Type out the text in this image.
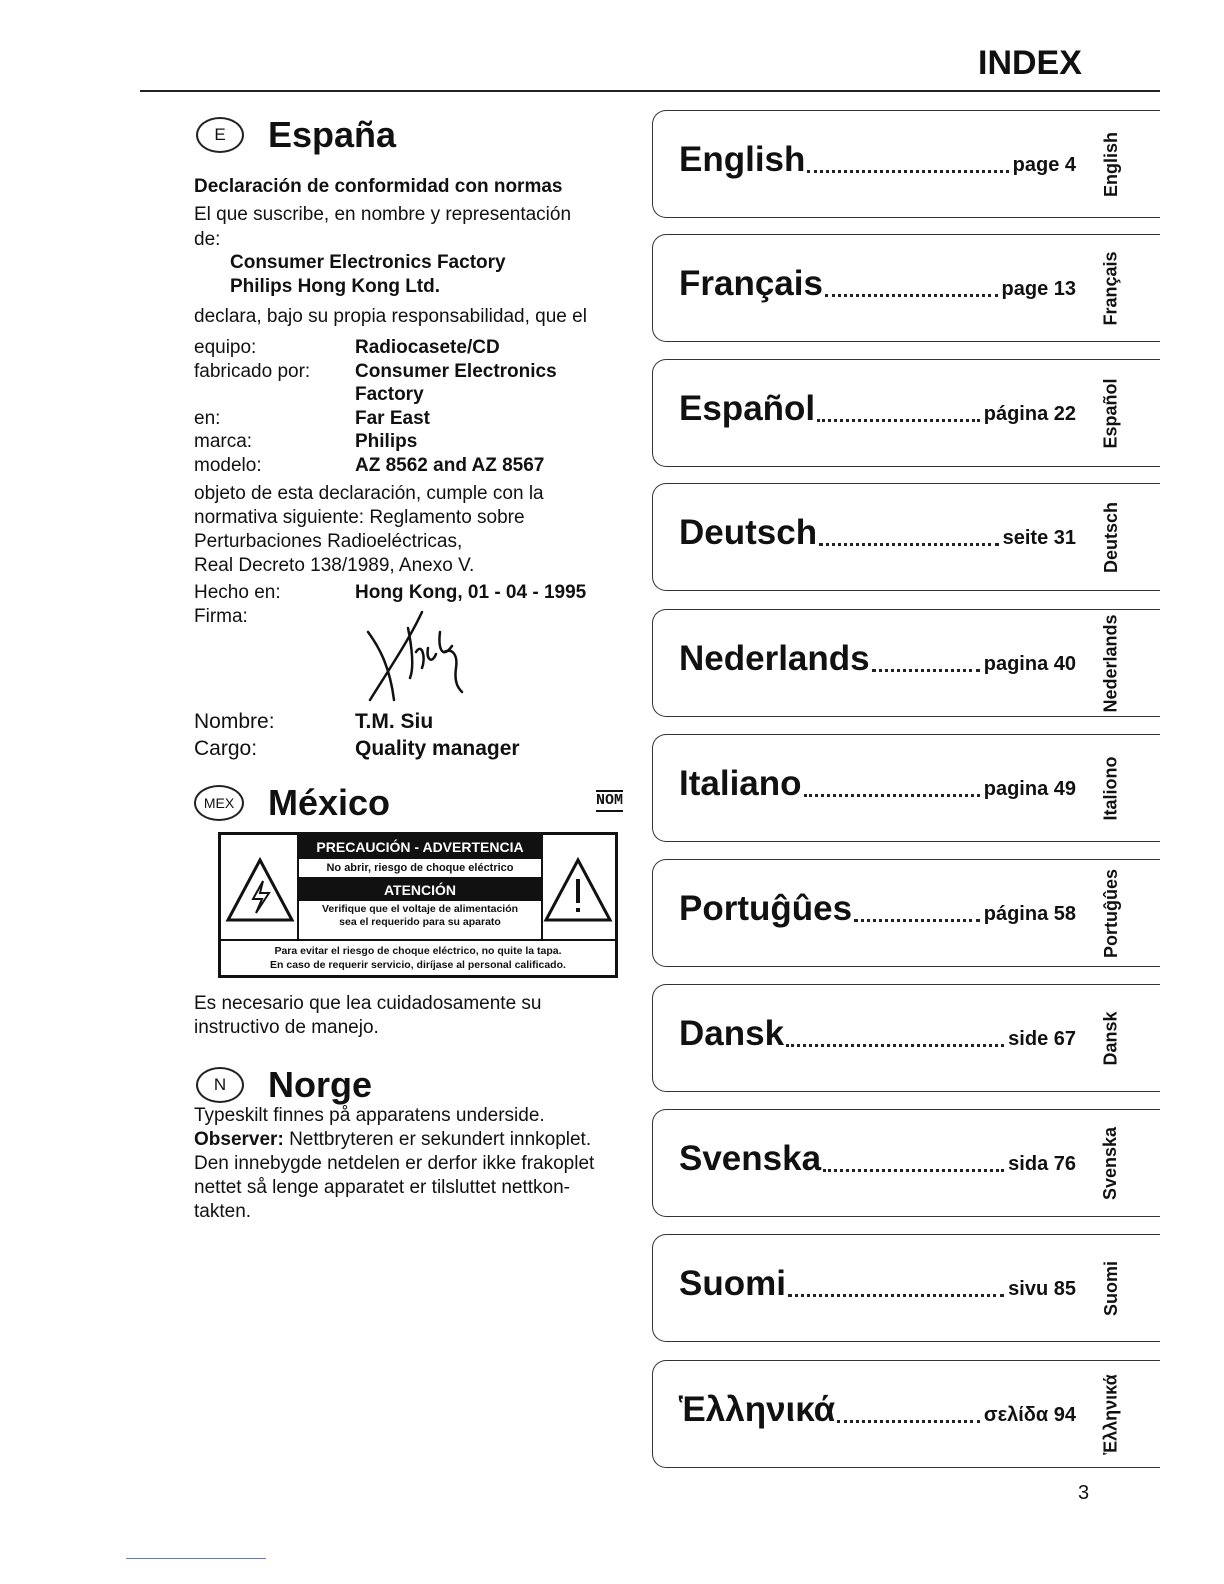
INDEX
E	España
Declaración de conformidad con normas
El que suscribe, en nombre y representación
de:
Consumer Electronics Factory
Philips Hong Kong Ltd.
declara, bajo su propia responsabilidad, que el
equipo:	Radiocasete/CD
fabricado por:	Consumer Electronics
Factory
en:	Far East
marca:	Philips
modelo:	AZ 8562 and AZ 8567
objeto de esta declaración, cumple con la
normativa siguiente: Reglamento sobre
Perturbaciones Radioeléctricas,
Real Decreto 138/1989, Anexo V.
Hecho en:	Hong Kong, 01 - 04 - 1995
Firma:
Nombre:	T.M. Siu
Cargo:	Quality manager
MEX México	NOM
PRECAUCIÓN - ADVERTENCIA
No abrir, riesgo de choque eléctrico
ATENCIÓN
Verifique que el voltaje de alimentación
sea el requerido para su aparato
Para evitar el riesgo de choque eléctrico, no quite la tapa.
En caso de requerir servicio, diríjase al personal calificado.
Es necesario que lea cuidadosamente su
instructivo de manejo.
N	Norge
Typeskilt finnes på apparatens underside.
Observer: Nettbryteren er sekundert innkoplet.
Den innebygde netdelen er derfor ikke frakoplet
nettet så lenge apparatet er tilsluttet nettkon-
takten.
English	page 4 English
Français	page 13 Français
Español	página 22 Español
Deutsch	seite 31 Deutsch
Nederlands	pagina 40 Nederlands
Italiano	pagina 49 Italiono
Portuĝûes	página 58 Portuĝûes
Dansk	side 67 Dansk
Svenska	sida 76 Svenska
Suomi	sivu 85 Suomi
Ἑλληνικά	σελίδα 94 Ἑλληνικά
3
